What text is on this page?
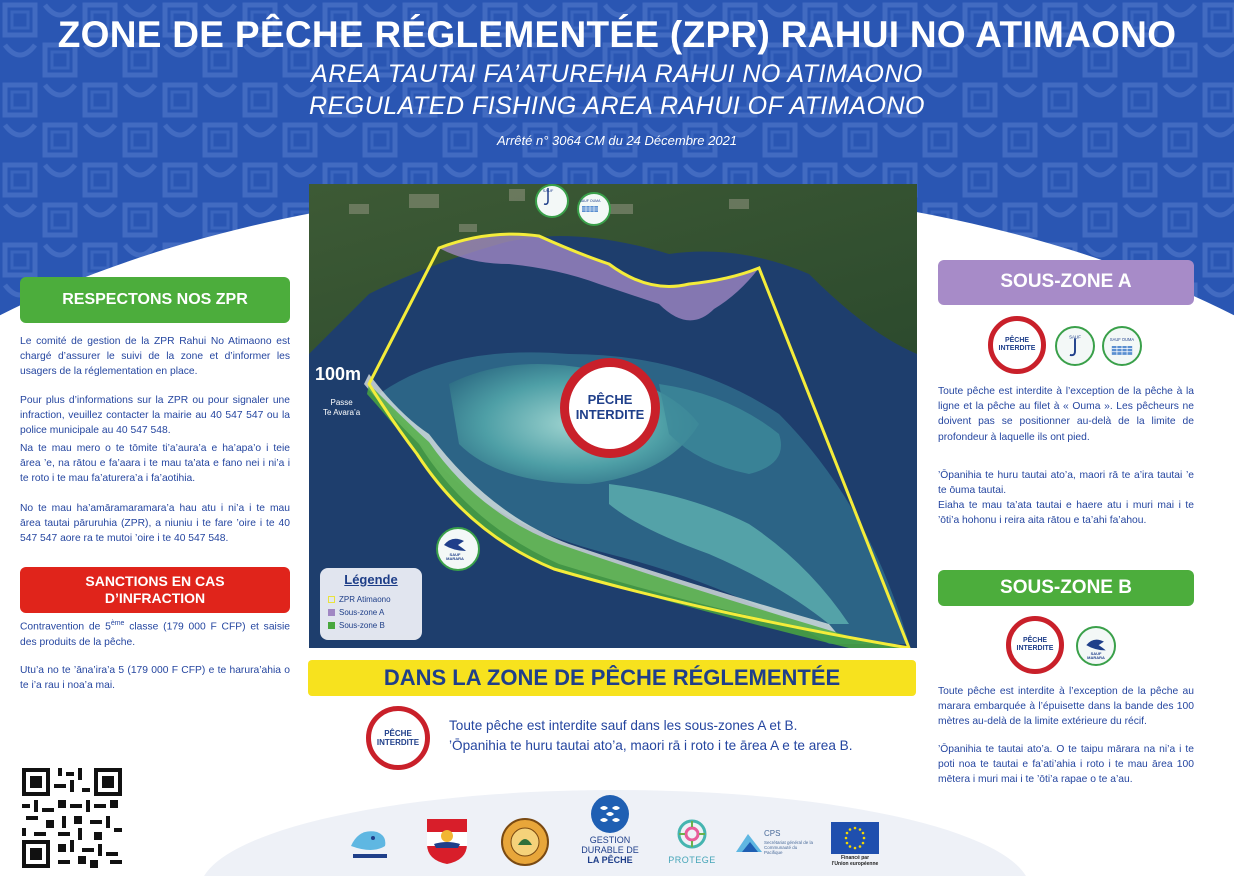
ZONE DE PÊCHE RÉGLEMENTÉE (ZPR) RAHUI NO ATIMAONO
AREA TAUTAI FA’ATUREHIA RAHUI NO ATIMAONO
REGULATED FISHING AREA RAHUI OF ATIMAONO
Arrêté n° 3064 CM du 24 Décembre 2021
RESPECTONS NOS ZPR
Le comité de gestion de la ZPR Rahui No Atimaono est chargé d’assurer le suivi de la zone et d’informer les usagers de la réglementation en place.
Pour plus d’informations sur la ZPR ou pour signaler une infraction, veuillez contacter la mairie au 40 547 547 ou la police municipale au 40 547 548.
Na te mau mero o te tōmite ti’a’aura’a e ha’apa’o i teie ārea ’e, na rātou e fa’aara i te mau ta’ata e fano nei i ni’a i te roto i te mau fa’aturera’a i fa’aotihia.
No te mau ha’amāramaramara’a hau atu i ni’a i te mau ārea tautai pāruruhia (ZPR), a niuniu i te fare ’oire i te 40 547 547 aore ra te mutoi ’oire i te 40 547 548.
SANCTIONS EN CAS
D’INFRACTION
Contravention de 5ème classe (179 000 F CFP) et saisie des produits de la pêche.
Utu’a no te ’āna’ira’a 5 (179 000 F CFP) e te harura’ahia o te i’a rau i noa’a mai.
100m
Passe
Te Avara’a
SAUF
SAUF OUMA
SAUF
MARARA
PÊCHE
INTERDITE
Légende
ZPR Atimaono
Sous-zone A
Sous-zone B
DANS LA ZONE DE PÊCHE RÉGLEMENTÉE
PÊCHE
INTERDITE
Toute pêche est interdite sauf dans les sous-zones A et B.
’Ōpanihia te huru tautai ato’a, maori rā i roto i te ārea A e te area B.
SOUS-ZONE A
PÊCHE
INTERDITE
SAUF
SAUF OUMA
Toute pêche est interdite à l’exception de la pêche à la ligne et la pêche au filet à « Ouma ». Les pêcheurs ne doivent pas se positionner au-delà de la limite de profondeur à laquelle ils ont pied.
’Ōpanihia te huru tautai ato’a, maori rā te a’ira tautai ’e te ōuma tautai.
Eiaha te mau ta’ata tautai e haere atu i muri mai i te ’ōti’a hohonu i reira aita rātou e ta’ahi fa’ahou.
SOUS-ZONE B
PÊCHE
INTERDITE
SAUF
MARARA
Toute pêche est interdite à l’exception de la pêche au marara embarquée à l’épuisette dans la bande des 100 mètres au-delà de la limite extérieure du récif.
’Ōpanihia te tautai ato’a. O te taipu mārara na ni’a i te poti noa te tautai e fa’ati’ahia i roto i te mau ārea 100 mētera i muri mai i te ’ōti’a rapae o te a’au.
GESTION
DURABLE DE
LA PÊCHE	PROTEGE
CPS
Secrétariat général de la Communauté du Pacifique
Financé par
l’Union européenne
